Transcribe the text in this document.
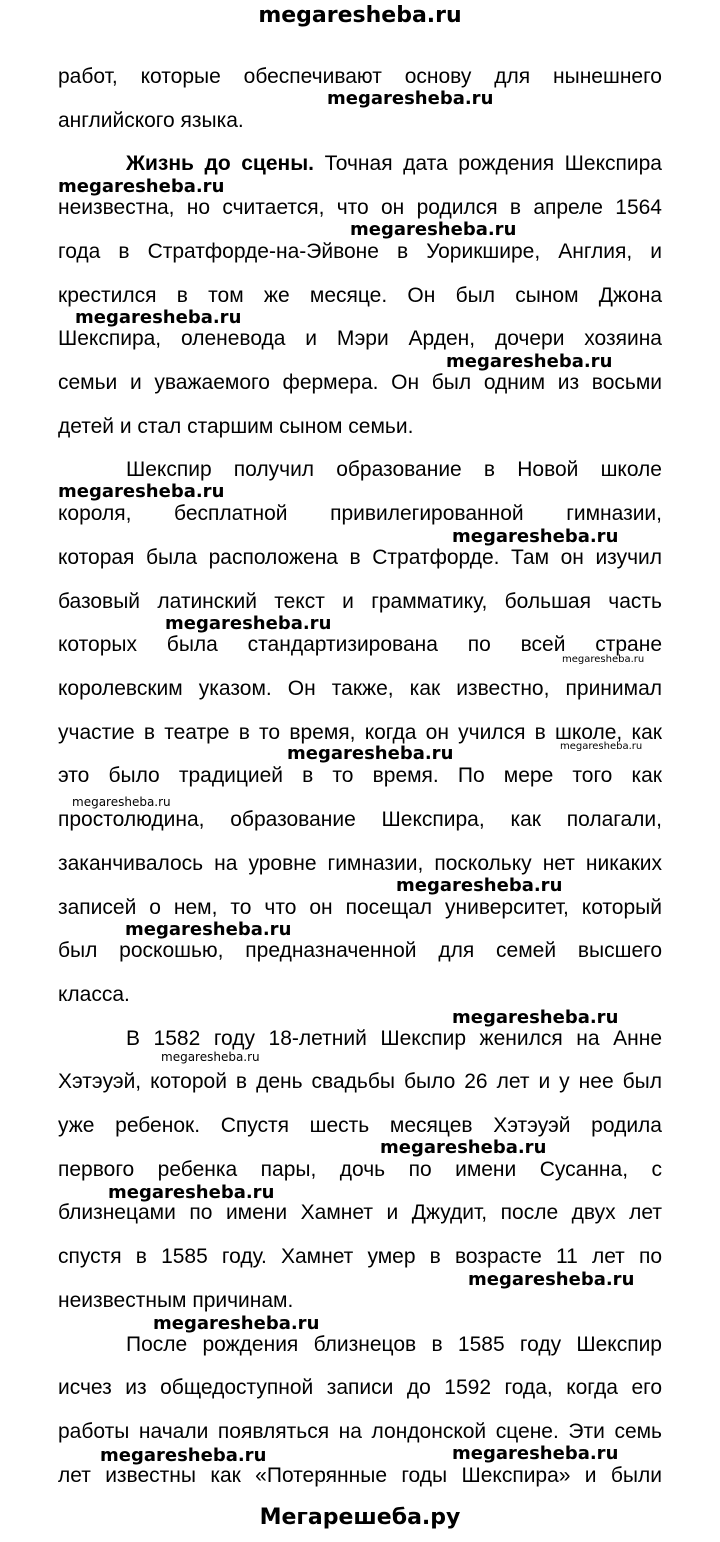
megaresheba.ru
работ, которые обеспечивают основу для нынешнего
английского языка.
Жизнь до сцены. Точная дата рождения Шекспира
неизвестна, но считается, что он родился в апреле 1564
года в Стратфорде-на-Эйвоне в Уорикшире, Англия, и
крестился в том же месяце. Он был сыном Джона
Шекспира, оленевода и Мэри Арден, дочери хозяина
семьи и уважаемого фермера. Он был одним из восьми
детей и стал старшим сыном семьи.
Шекспир получил образование в Новой школе
короля, бесплатной привилегированной гимназии,
которая была расположена в Стратфорде. Там он изучил
базовый латинский текст и грамматику, большая часть
которых была стандартизирована по всей стране
королевским указом. Он также, как известно, принимал
участие в театре в то время, когда он учился в школе, как
это было традицией в то время. По мере того как
простолюдина, образование Шекспира, как полагали,
заканчивалось на уровне гимназии, поскольку нет никаких
записей о нем, то что он посещал университет, который
был роскошью, предназначенной для семей высшего
класса.
В 1582 году 18-летний Шекспир женился на Анне
Хэтэуэй, которой в день свадьбы было 26 лет и у нее был
уже ребенок. Спустя шесть месяцев Хэтэуэй родила
первого ребенка пары, дочь по имени Сусанна, с
близнецами по имени Хамнет и Джудит, после двух лет
спустя в 1585 году. Хамнет умер в возрасте 11 лет по
неизвестным причинам.
После рождения близнецов в 1585 году Шекспир
исчез из общедоступной записи до 1592 года, когда его
работы начали появляться на лондонской сцене. Эти семь
лет известны как «Потерянные годы Шекспира» и были
megaresheba.ru
megaresheba.ru
megaresheba.ru
megaresheba.ru
megaresheba.ru
megaresheba.ru
megaresheba.ru
megaresheba.ru
megaresheba.ru
megaresheba.ru	megaresheba.ru
megaresheba.ru
megaresheba.ru
megaresheba.ru
megaresheba.ru
megaresheba.ru
megaresheba.ru
megaresheba.ru
megaresheba.ru
megaresheba.ru
megaresheba.ru	megaresheba.ru
Мегарешеба.ру
